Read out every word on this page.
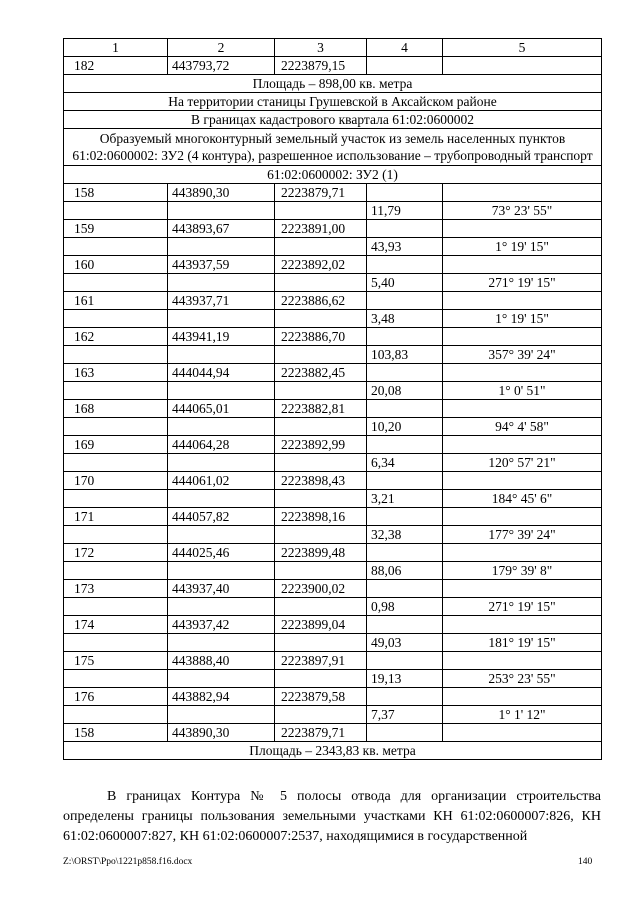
1	2	3	4	5
182	443793,72	2223879,15		
Площадь – 898,00 кв. метра				
На территории станицы Грушевской в Аксайском районе				
В границах кадастрового квартала 61:02:0600002				
Образуемый многоконтурный земельный участок из земель населенных пунктов 61:02:0600002: ЗУ2 (4 контура), разрешенное использование – трубопроводный транспорт				
61:02:0600002: ЗУ2 (1)				
158	443890,30	2223879,71		
			11,79	73° 23' 55"
159	443893,67	2223891,00		
			43,93	1° 19' 15"
160	443937,59	2223892,02		
			5,40	271° 19' 15"
161	443937,71	2223886,62		
			3,48	1° 19' 15"
162	443941,19	2223886,70		
			103,83	357° 39' 24"
163	444044,94	2223882,45		
			20,08	1° 0' 51"
168	444065,01	2223882,81		
			10,20	94° 4' 58"
169	444064,28	2223892,99		
			6,34	120° 57' 21"
170	444061,02	2223898,43		
			3,21	184° 45' 6"
171	444057,82	2223898,16		
			32,38	177° 39' 24"
172	444025,46	2223899,48		
			88,06	179° 39' 8"
173	443937,40	2223900,02		
			0,98	271° 19' 15"
174	443937,42	2223899,04		
			49,03	181° 19' 15"
175	443888,40	2223897,91		
			19,13	253° 23' 55"
176	443882,94	2223879,58		
			7,37	1° 1' 12"
158	443890,30	2223879,71		
Площадь – 2343,83 кв. метра				

В границах Контура № 5 полосы отвода для организации строительства определены границы пользования земельными участками КН 61:02:0600007:826, КН 61:02:0600007:827, КН 61:02:0600007:2537, находящимися в государственной

Z:\ORST\Ppo\1221p858.f16.docx	140
